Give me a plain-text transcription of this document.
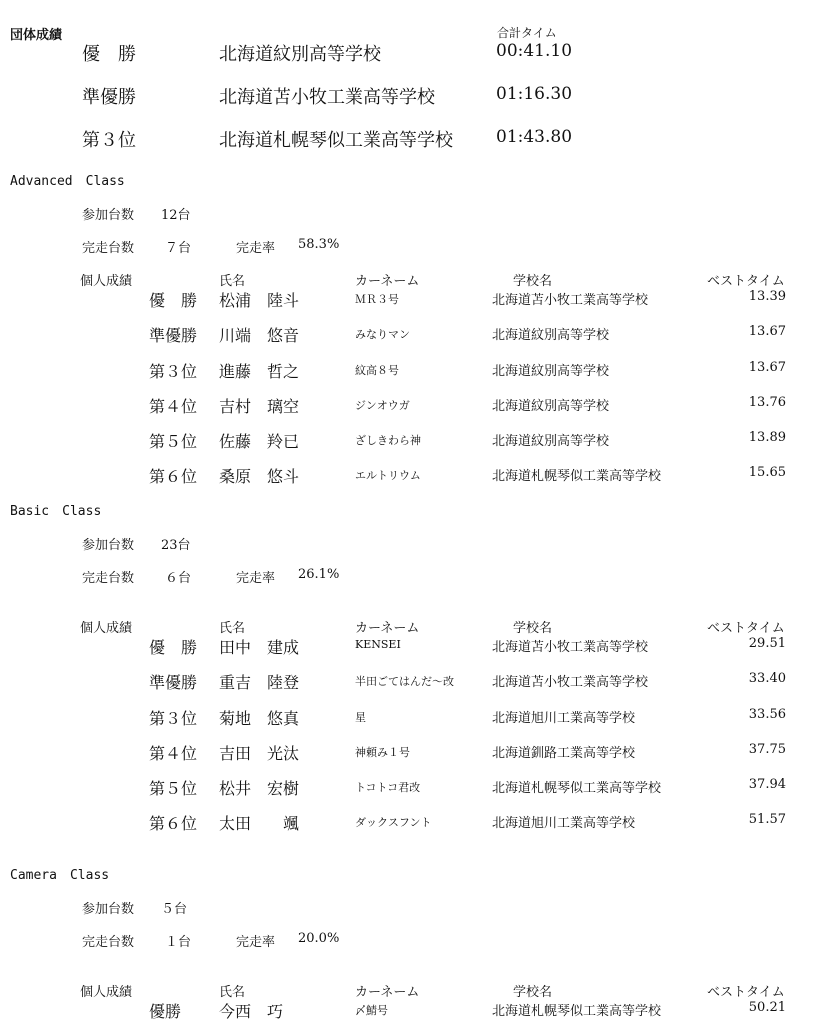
団体成績	合計タイム
優　勝	北海道紋別高等学校	00:41.10
準優勝	北海道苫小牧工業高等学校	01:16.30
第３位	北海道札幌琴似工業高等学校	01:43.80
Advanced　Class
参加台数 12台
完走台数 ７台	完走率 58.3%
個人成績	氏名	カーネーム	学校名	ベストタイム
優　勝 松浦　陸斗	ＭＲ３号	北海道苫小牧工業高等学校	13.39
準優勝 川端　悠音	みなりマン	北海道紋別高等学校	13.67
第３位 進藤　哲之	紋高８号	北海道紋別高等学校	13.67
第４位 吉村　璃空	ジンオウガ	北海道紋別高等学校	13.76
第５位 佐藤　羚已	ざしきわら神	北海道紋別高等学校	13.89
第６位 桑原　悠斗	エルトリウム	北海道札幌琴似工業高等学校	15.65
Basic　Class
参加台数 23台
完走台数 ６台	完走率 26.1%
個人成績	氏名	カーネーム	学校名	ベストタイム
優　勝 田中　建成	KENSEI	北海道苫小牧工業高等学校	29.51
準優勝 重吉　陸登	半田ごてはんだ～改	北海道苫小牧工業高等学校	33.40
第３位 菊地　悠真	星	北海道旭川工業高等学校	33.56
第４位 吉田　光汰	神頼み１号	北海道釧路工業高等学校	37.75
第５位 松井　宏樹	トコトコ君改	北海道札幌琴似工業高等学校	37.94
第６位 太田　　颯	ダックスフント	北海道旭川工業高等学校	51.57
Camera　Class
参加台数 ５台
完走台数 １台	完走率 20.0%
個人成績	氏名	カーネーム	学校名	ベストタイム
優勝 今西　巧	〆鯖号	北海道札幌琴似工業高等学校	50.21
